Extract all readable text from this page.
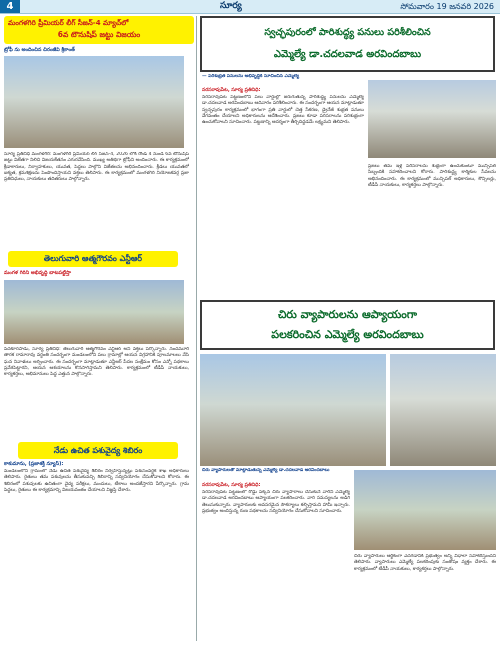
4	సూర్య	సోమవారం 19 జనవరి 2026
మంగళగిరి ప్రీమియర్ లీగ్ సీజన్-4 మ్యాచ్‌లో
6వ టౌనుషిప్ జట్టు విజయం
ట్రోఫీ ను అందించిన చిరంజీవి శ్రీకాంత్
సూర్య ప్రతినిధి మంగళగిరి: మంగళగిరి ప్రీమియర్ లీగ్ సీజన్-4, 2026 లోకి రౌండ్ 4 నుండి 6వ టౌనుషిప్ జట్టు విజేతగా నిలిచి విజయకేతనం ఎగురవేసింది. ముఖ్య అతిథిగా ట్రోఫీని అందించారు. ఈ కార్యక్రమంలో క్రీడాకారులు, నిర్వాహకులు, యువత, పెద్దలు పాల్గొని విజేతలను అభినందించారు. క్రీడలు యువతలో ఐక్యత, క్రమశిక్షణను పెంపొందిస్తాయని వక్తలు తెలిపారు. ఈ కార్యక్రమంలో మంగళగిరి నియోజకవర్గ ప్రజా ప్రతినిధులు, నాయకులు తదితరులు పాల్గొన్నారు.
తెలుగువారి ఆత్మగౌరవం ఎన్టీఆర్
మంగళ గిరిని అభివృద్ధి బాటపట్టిస్తా
పెదకూరపాడు, సూర్య ప్రతినిధి: తెలుగువారి ఆత్మగౌరవం ఎన్టీఆర్ అని వక్తలు పేర్కొన్నారు. నందమూరి తారక రామారావు వర్ధంతి సందర్భంగా మండలంలోని పలు గ్రామాల్లో ఆయన విగ్రహానికి పూలమాలలు వేసి ఘన నివాళులు అర్పించారు. ఈ సందర్భంగా మాట్లాడుతూ ఎన్టీఆర్ పేదల సంక్షేమం కోసం ఎన్నో పథకాలు ప్రవేశపెట్టారని, ఆయన ఆశయాలను కొనసాగిస్తామని తెలిపారు. కార్యక్రమంలో టీడీపీ నాయకులు, కార్యకర్తలు, అభిమానులు పెద్ద ఎత్తున పాల్గొన్నారు.
నేడు ఉచిత పశువైద్య శిబిరం
కాకుమాను, (ప్రజాశక్తి న్యూస్):
మండలంలోని గ్రామంలో నేడు ఉచిత పశువైద్య శిబిరం నిర్వహిస్తున్నట్లు పశుసంవర్ధక శాఖ అధికారులు తెలిపారు. రైతులు తమ పశువులను తీసుకువచ్చి శిబిరాన్ని సద్వినియోగం చేసుకోవాలని కోరారు. ఈ శిబిరంలో పశువులకు ఉచితంగా వైద్య పరీక్షలు, మందులు, టీకాలు అందజేస్తారని పేర్కొన్నారు. గ్రామ పెద్దలు, రైతులు ఈ కార్యక్రమాన్ని విజయవంతం చేయాలని విజ్ఞప్తి చేశారు.
స్వచ్ఛపురంలో పారిశుద్ధ్య పనులు పరిశీలించిన
ఎమ్మెల్యే డా.చదలవాడ అరవిందబాబు
— పరిశుభ్రత పనులను అభివృద్ధికి సూచించిన ఎమ్మెల్యే
నరసరావుపేట, సూర్య ప్రతినిధి:
నరసరావుపేట పట్టణంలోని పలు వార్డుల్లో జరుగుతున్న పారిశుద్ధ్య పనులను ఎమ్మెల్యే డా.చదలవాడ అరవిందబాబు ఆదివారం పరిశీలించారు. ఈ సందర్భంగా ఆయన మాట్లాడుతూ స్వచ్ఛపురం కార్యక్రమంలో భాగంగా ప్రతి వార్డులో చెత్త సేకరణ, డ్రైనేజీ శుభ్రత పనులు వేగవంతం చేయాలని అధికారులను ఆదేశించారు. ప్రజలు కూడా పరిసరాలను పరిశుభ్రంగా ఉంచుకోవాలని సూచించారు. పట్టణాన్ని ఆదర్శంగా తీర్చిదిద్దడమే లక్ష్యమని తెలిపారు.
ప్రజలు తమ ఇళ్ల పరిసరాలను శుభ్రంగా ఉంచుకుంటూ మున్సిపల్ సిబ్బందికి సహకరించాలని కోరారు. పారిశుద్ధ్య కార్మికుల సేవలను అభినందించారు. ఈ కార్యక్రమంలో మున్సిపల్ అధికారులు, కౌన్సిలర్లు, టీడీపీ నాయకులు, కార్యకర్తలు పాల్గొన్నారు.
చిరు వ్యాపారులను ఆప్యాయంగా
పలకరించిన ఎమ్మెల్యే అరవిందబాబు
చిరు వ్యాపారులతో మాట్లాడుతున్న ఎమ్మెల్యే డా.చదలవాడ అరవిందబాబు
నరసరావుపేట, సూర్య ప్రతినిధి:
నరసరావుపేట పట్టణంలో రోడ్డు పక్కన చిరు వ్యాపారాలు చేసుకునే వారిని ఎమ్మెల్యే డా.చదలవాడ అరవిందబాబు ఆప్యాయంగా పలకరించారు. వారి సమస్యలను అడిగి తెలుసుకున్నారు. వ్యాపారులకు అవసరమైన సౌకర్యాలు కల్పిస్తామని హామీ ఇచ్చారు. ప్రభుత్వం అందిస్తున్న రుణ పథకాలను సద్వినియోగం చేసుకోవాలని సూచించారు.
చిరు వ్యాపారులు ఆర్థికంగా ఎదగడానికి ప్రభుత్వం అన్ని విధాలా సహకరిస్తుందని తెలిపారు. వ్యాపారులు ఎమ్మెల్యే పలకరింపుకు సంతోషం వ్యక్తం చేశారు. ఈ కార్యక్రమంలో టీడీపీ నాయకులు, కార్యకర్తలు పాల్గొన్నారు.
